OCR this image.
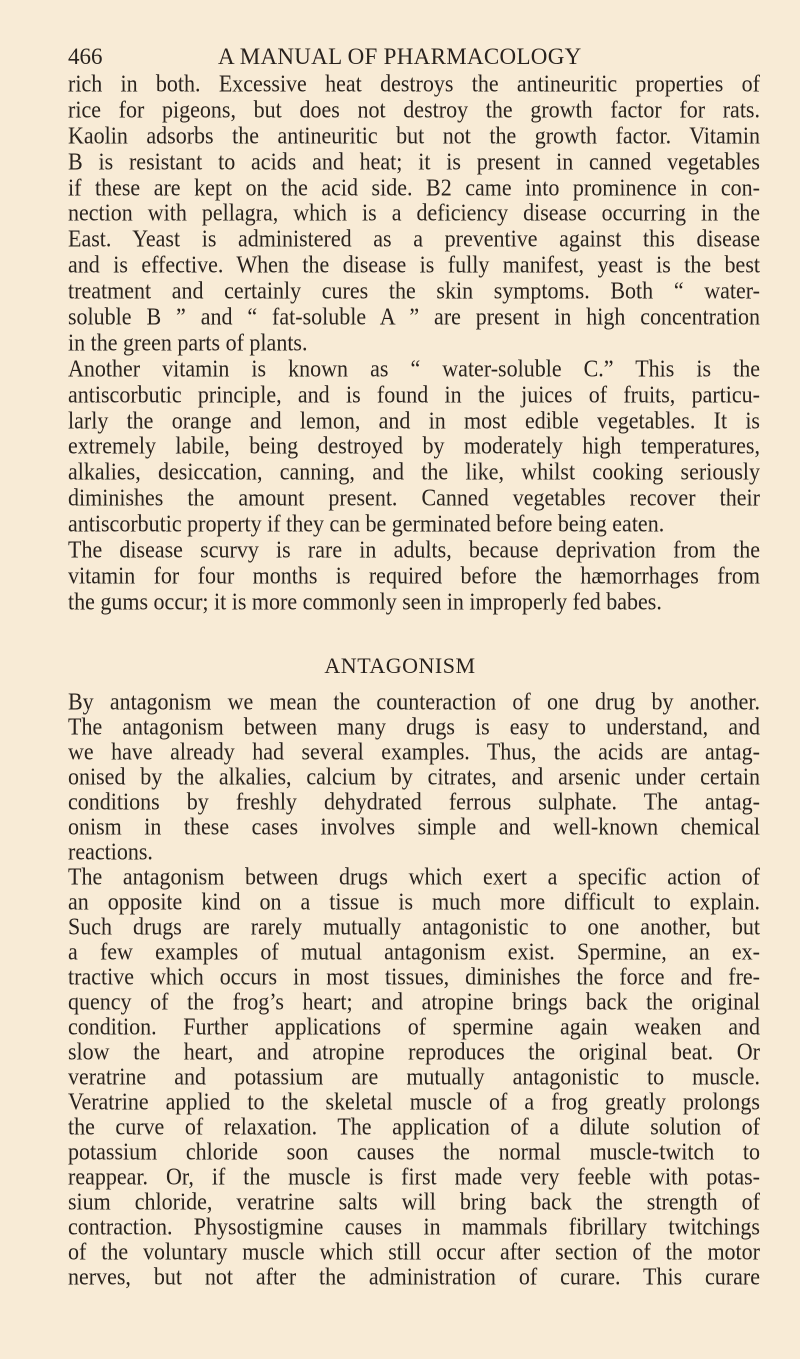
466	A MANUAL OF PHARMACOLOGY
rich in both. Excessive heat destroys the antineuritic properties of
rice for pigeons, but does not destroy the growth factor for rats.
Kaolin adsorbs the antineuritic but not the growth factor. Vitamin
B is resistant to acids and heat; it is present in canned vegetables
if these are kept on the acid side. B2 came into prominence in con-
nection with pellagra, which is a deficiency disease occurring in the
East. Yeast is administered as a preventive against this disease
and is effective. When the disease is fully manifest, yeast is the best
treatment and certainly cures the skin symptoms. Both “ water-
soluble B ” and “ fat-soluble A ” are present in high concentration
in the green parts of plants.
Another vitamin is known as “ water-soluble C.” This is the
antiscorbutic principle, and is found in the juices of fruits, particu-
larly the orange and lemon, and in most edible vegetables. It is
extremely labile, being destroyed by moderately high temperatures,
alkalies, desiccation, canning, and the like, whilst cooking seriously
diminishes the amount present. Canned vegetables recover their
antiscorbutic property if they can be germinated before being eaten.
The disease scurvy is rare in adults, because deprivation from the
vitamin for four months is required before the hæmorrhages from
the gums occur; it is more commonly seen in improperly fed babes.
ANTAGONISM
By antagonism we mean the counteraction of one drug by another.
The antagonism between many drugs is easy to understand, and
we have already had several examples. Thus, the acids are antag-
onised by the alkalies, calcium by citrates, and arsenic under certain
conditions by freshly dehydrated ferrous sulphate. The antag-
onism in these cases involves simple and well-known chemical
reactions.
The antagonism between drugs which exert a specific action of
an opposite kind on a tissue is much more difficult to explain.
Such drugs are rarely mutually antagonistic to one another, but
a few examples of mutual antagonism exist. Spermine, an ex-
tractive which occurs in most tissues, diminishes the force and fre-
quency of the frog’s heart; and atropine brings back the original
condition. Further applications of spermine again weaken and
slow the heart, and atropine reproduces the original beat. Or
veratrine and potassium are mutually antagonistic to muscle.
Veratrine applied to the skeletal muscle of a frog greatly prolongs
the curve of relaxation. The application of a dilute solution of
potassium chloride soon causes the normal muscle-twitch to
reappear. Or, if the muscle is first made very feeble with potas-
sium chloride, veratrine salts will bring back the strength of
contraction. Physostigmine causes in mammals fibrillary twitchings
of the voluntary muscle which still occur after section of the motor
nerves, but not after the administration of curare. This curare
